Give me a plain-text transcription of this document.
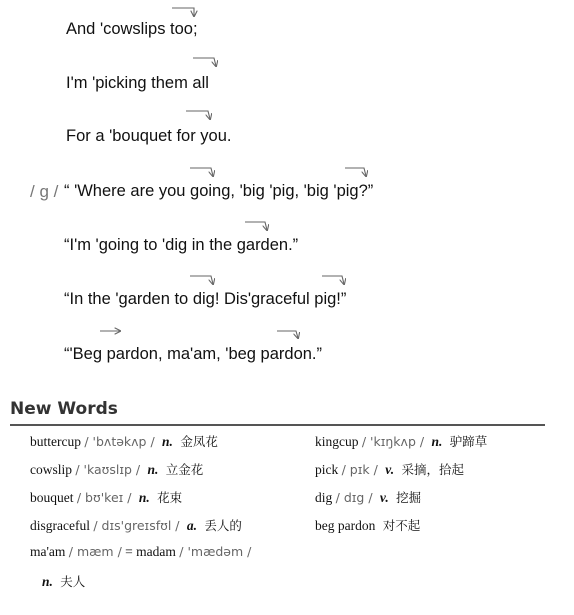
And 'cowslips too;
I'm 'picking them all
For a 'bouquet for you.
/ g / “ 'Where are you going, 'big 'pig, 'big 'pig?”
“I'm 'going to 'dig in the garden.”
“In the 'garden to dig! Dis'graceful pig!”
“'Beg pardon, ma'am, 'beg pardon.”
New Words
buttercup / 'bʌtəkʌp / n. 金凤花	kingcup / 'kɪŋkʌp / n. 驴蹄草
cowslip / 'kaʊslɪp / n. 立金花	pick / pɪk / v. 采摘，拾起
bouquet / bʊ'keɪ / n. 花束	dig / dɪg / v. 挖掘
disgraceful / dɪs'greɪsfʊl / a. 丢人的	beg pardon 对不起
ma'am / mæm / = madam / 'mædəm /
n. 夫人
